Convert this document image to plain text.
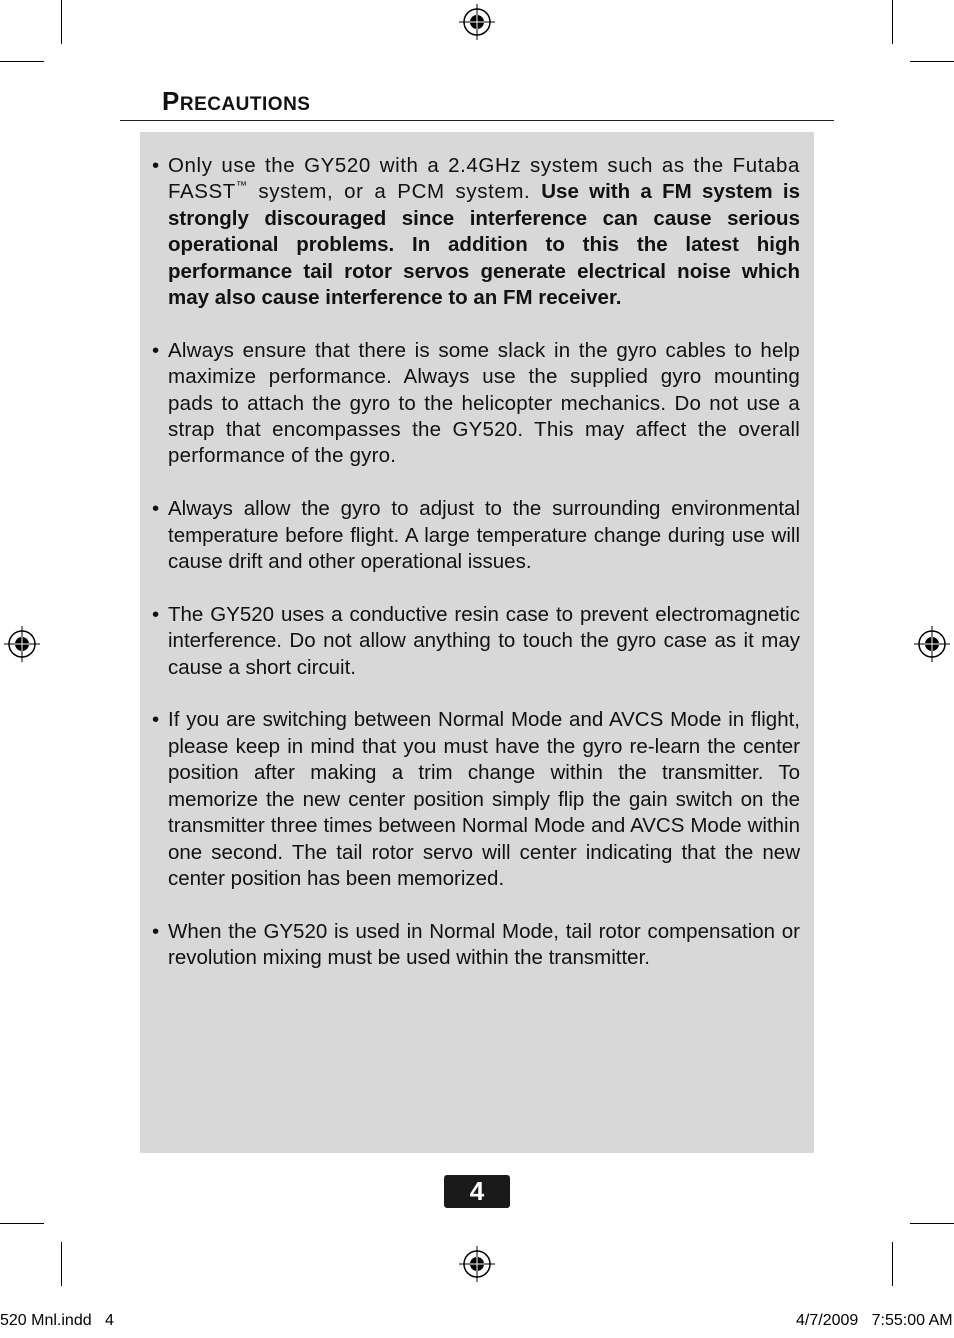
PRECAUTIONS
• Only use the GY520 with a 2.4GHz system such as the Futaba FASST™ system, or a PCM system. Use with a FM system is strongly discouraged since interference can cause serious operational problems. In addition to this the latest high performance tail rotor servos generate electrical noise which may also cause interference to an FM receiver.
• Always ensure that there is some slack in the gyro cables to help maximize performance. Always use the supplied gyro mounting pads to attach the gyro to the helicopter mechanics. Do not use a strap that encompasses the GY520. This may affect the overall performance of the gyro.
• Always allow the gyro to adjust to the surrounding environmental temperature before flight. A large temperature change during use will cause drift and other operational issues.
• The GY520 uses a conductive resin case to prevent electromagnetic interference. Do not allow anything to touch the gyro case as it may cause a short circuit.
• If you are switching between Normal Mode and AVCS Mode in flight, please keep in mind that you must have the gyro re-learn the center position after making a trim change within the transmitter. To memorize the new center position simply flip the gain switch on the transmitter three times between Normal Mode and AVCS Mode within one second. The tail rotor servo will center indicating that the new center position has been memorized.
• When the GY520 is used in Normal Mode, tail rotor compensation or revolution mixing must be used within the transmitter.
4
520 Mnl.indd   4	4/7/2009   7:55:00 AM
